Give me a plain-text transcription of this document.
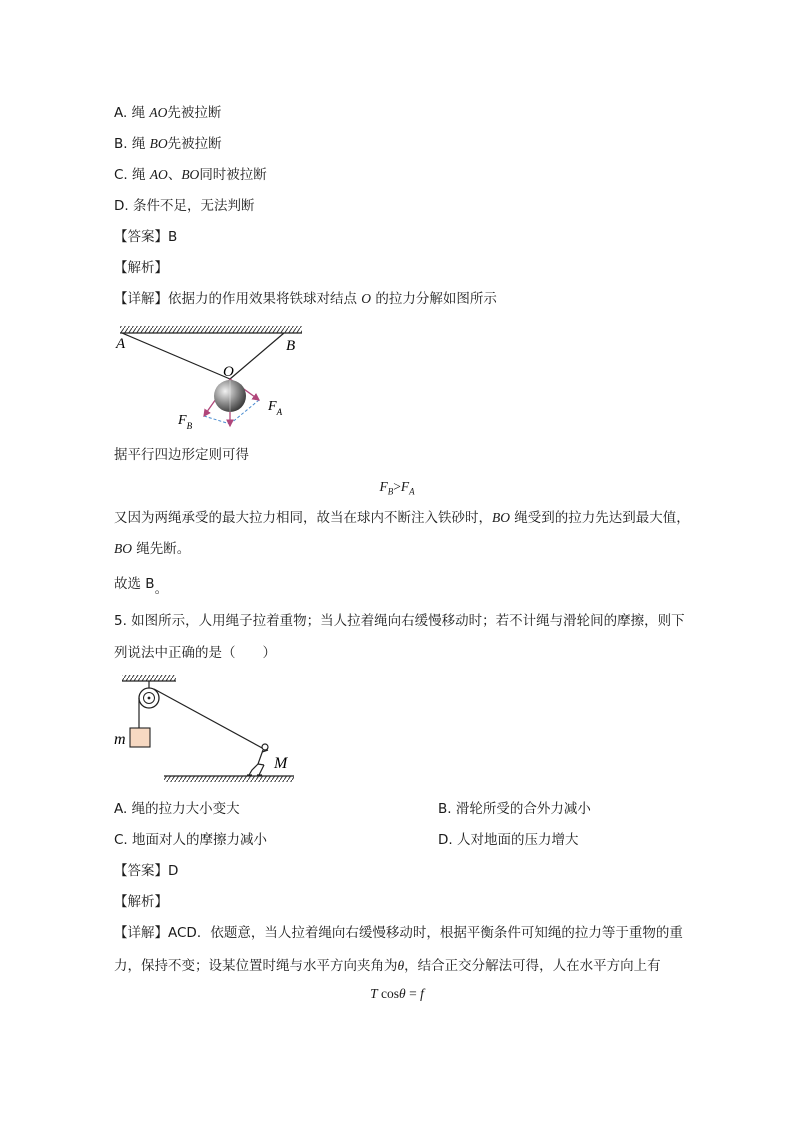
A. 绳 AO先被拉断
B. 绳 BO先被拉断
C. 绳 AO、BO同时被拉断
D. 条件不足，无法判断
【答案】B
【解析】
【详解】依据力的作用效果将铁球对结点 O 的拉力分解如图所示
A	B
O
$F_B$
$F_A$
据平行四边形定则可得
$F_B>F_A$
又因为两绳承受的最大拉力相同，故当在球内不断注入铁砂时，BO 绳受到的拉力先达到最大值，
BO 绳先断。
故选 B。
5. 如图所示，人用绳子拉着重物；当人拉着绳向右缓慢移动时；若不计绳与滑轮间的摩擦，则下
列说法中正确的是（　　）
m
M
A. 绳的拉力大小变大	B. 滑轮所受的合外力减小
C. 地面对人的摩擦力减小	D. 人对地面的压力增大
【答案】D
【解析】
【详解】ACD．依题意，当人拉着绳向右缓慢移动时，根据平衡条件可知绳的拉力等于重物的重
力，保持不变；设某位置时绳与水平方向夹角为θ，结合正交分解法可得，人在水平方向上有
T cosθ = f
